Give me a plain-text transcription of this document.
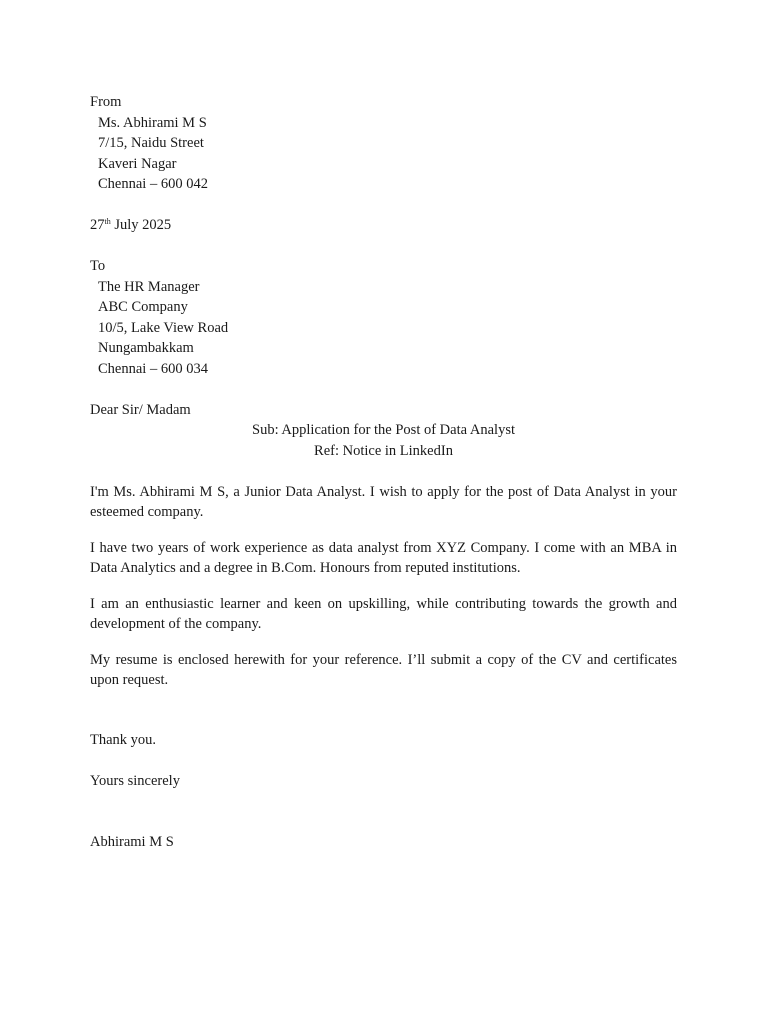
From
Ms. Abhirami M S
7/15, Naidu Street
Kaveri Nagar
Chennai – 600 042
27th July 2025
To
The HR Manager
ABC Company
10/5, Lake View Road
Nungambakkam
Chennai – 600 034
Dear Sir/ Madam
Sub: Application for the Post of Data Analyst
Ref: Notice in LinkedIn

I'm Ms. Abhirami M S, a Junior Data Analyst. I wish to apply for the post of Data Analyst in your esteemed company.

I have two years of work experience as data analyst from XYZ Company. I come with an MBA in Data Analytics and a degree in B.Com. Honours from reputed institutions.

I am an enthusiastic learner and keen on upskilling, while contributing towards the growth and development of the company.

My resume is enclosed herewith for your reference. I’ll submit a copy of the CV and certificates upon request.

Thank you.
Yours sincerely
Abhirami M S
